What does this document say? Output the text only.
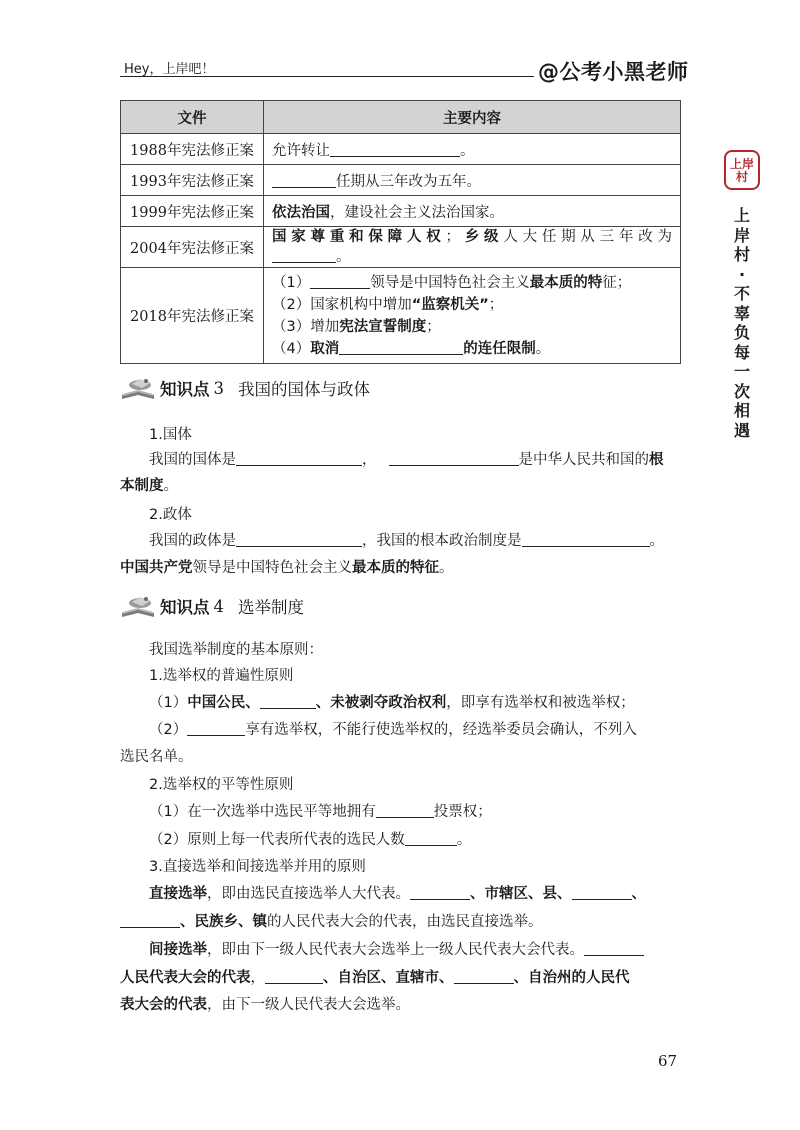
Hey，上岸吧！	@公考小黑老师
上岸村
上岸村·不辜负每一次相遇
文件	主要内容
1988年宪法修正案	允许转让 。
1993年宪法修正案	任期从三年改为五年。
1999年宪法修正案	依法治国，建设社会主义法治国家。
2004年宪法修正案	国家尊重和保障人权；乡级人大任期从三年改为
。

2018年宪法修正案	（1） 领导是中国特色社会主义最本质的特征；
（2）国家机构中增加“监察机关”；
（3）增加宪法宣誓制度；
（4）取消 的连任限制。
知识点 3 我国的国体与政体
1.国体
我国的国体是	，	是中华人民共和国的根
本制度。
2.政体
我国的政体是	，我国的根本政治制度是	。
中国共产党领导是中国特色社会主义最本质的特征。
知识点 4 选举制度
我国选举制度的基本原则：
1.选举权的普遍性原则
（1）中国公民、	、未被剥夺政治权利，即享有选举权和被选举权；
（2）	享有选举权，不能行使选举权的，经选举委员会确认，不列入
选民名单。
2.选举权的平等性原则
（1）在一次选举中选民平等地拥有	投票权；
（2）原则上每一代表所代表的选民人数	。
3.直接选举和间接选举并用的原则
直接选举，即由选民直接选举人大代表。	、市辖区、县、	、
、民族乡、镇的人民代表大会的代表，由选民直接选举。
间接选举，即由下一级人民代表大会选举上一级人民代表大会代表。
人民代表大会的代表，	、自治区、直辖市、	、自治州的人民代
表大会的代表，由下一级人民代表大会选举。
67
